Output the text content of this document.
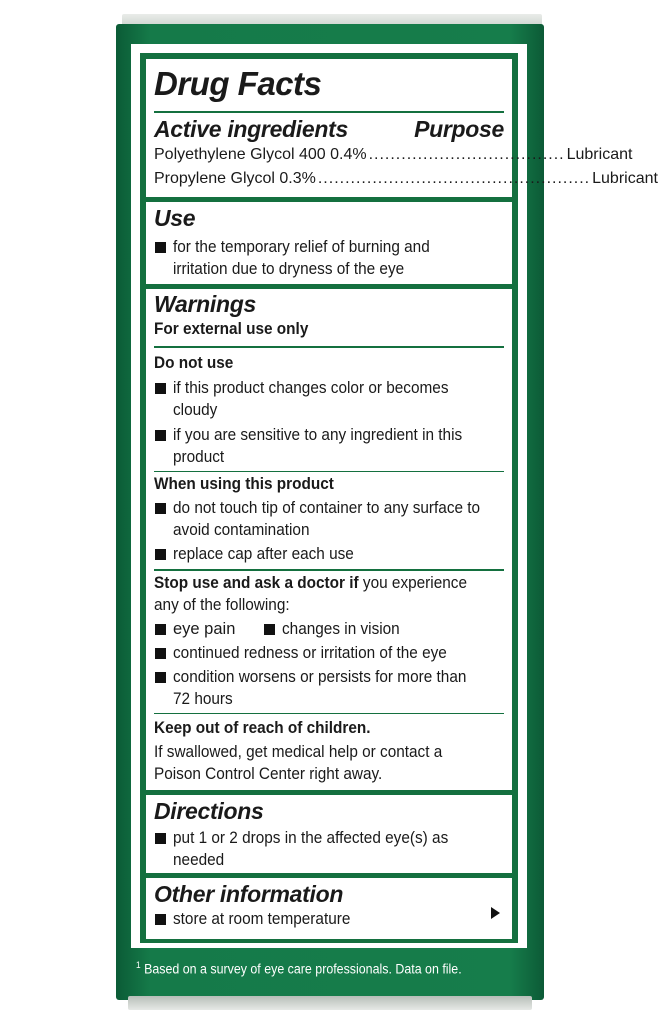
Drug Facts
Active ingredients	Purpose
Polyethylene Glycol 400 0.4% .................................... Lubricant
Propylene Glycol 0.3% .................................................. Lubricant
Use
for the temporary relief of burning and
irritation due to dryness of the eye
Warnings
For external use only
Do not use
if this product changes color or becomes
cloudy
if you are sensitive to any ingredient in this
product
When using this product
do not touch tip of container to any surface to
avoid contamination
replace cap after each use
Stop use and ask a doctor if you experience
any of the following:
eye pain	changes in vision
continued redness or irritation of the eye
condition worsens or persists for more than
72 hours
Keep out of reach of children.
If swallowed, get medical help or contact a
Poison Control Center right away.
Directions
put 1 or 2 drops in the affected eye(s) as
needed
Other information
store at room temperature
$^1$ Based on a survey of eye care professionals. Data on file.
